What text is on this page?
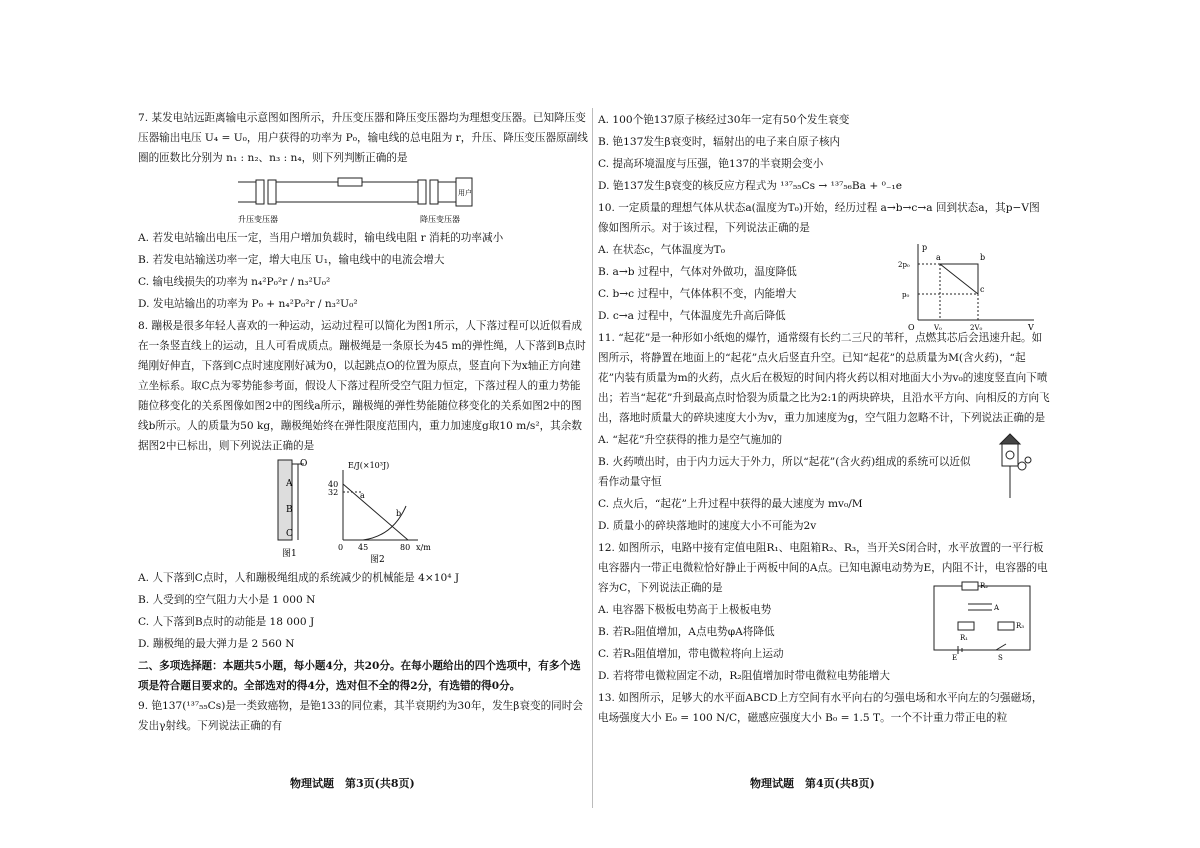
7. 某发电站远距离输电示意图如图所示，升压变压器和降压变压器均为理想变压器。已知降压变压器输出电压 U₄ = U₀，用户获得的功率为 P₀，输电线的总电阻为 r，升压、降压变压器原副线圈的匝数比分别为 n₁ : n₂、n₃ : n₄，则下列判断正确的是

升压变压器	降压变压器
用户

A. 若发电站输出电压一定，当用户增加负载时，输电线电阻 r 消耗的功率减小

B. 若发电站输送功率一定，增大电压 U₁，输电线中的电流会增大

C. 输电线损失的功率为 n₄²P₀²r / n₃²U₀²

D. 发电站输出的功率为 P₀ + n₄²P₀²r / n₃²U₀²

8. 蹦极是很多年轻人喜欢的一种运动，运动过程可以简化为图1所示，人下落过程可以近似看成在一条竖直线上的运动，且人可看成质点。蹦极绳是一条原长为45 m的弹性绳，人下落到B点时绳刚好伸直，下落到C点时速度刚好减为0，以起跳点O的位置为原点，竖直向下为x轴正方向建立坐标系。取C点为零势能参考面，假设人下落过程所受空气阻力恒定，下落过程人的重力势能随位移变化的关系图像如图2中的图线a所示，蹦极绳的弹性势能随位移变化的关系如图2中的图线b所示。人的质量为50 kg，蹦极绳始终在弹性限度范围内，重力加速度g取10 m/s²，其余数据图2中已标出，则下列说法正确的是

O
A
B
C
图1
E/J(×10³J)
40
32
0 45	80 x/m
a
b
图2

A. 人下落到C点时，人和蹦极绳组成的系统减少的机械能是 4×10⁴ J

B. 人受到的空气阻力大小是 1 000 N

C. 人下落到B点时的动能是 18 000 J

D. 蹦极绳的最大弹力是 2 560 N

二、多项选择题：本题共5小题，每小题4分，共20分。在每小题给出的四个选项中，有多个选项是符合题目要求的。全部选对的得4分，选对但不全的得2分，有选错的得0分。

9. 铯137(¹³⁷₅₅Cs)是一类致癌物，是铯133的同位素，其半衰期约为30年，发生β衰变的同时会发出γ射线。下列说法正确的有

物理试题　第3页(共8页)

A. 100个铯137原子核经过30年一定有50个发生衰变

B. 铯137发生β衰变时，辐射出的电子来自原子核内

C. 提高环境温度与压强，铯137的半衰期会变小

D. 铯137发生β衰变的核反应方程式为 ¹³⁷₅₅Cs → ¹³⁷₅₆Ba + ⁰₋₁e

10. 一定质量的理想气体从状态a(温度为T₀)开始，经历过程 a→b→c→a 回到状态a，其p−V图像如图所示。对于该过程，下列说法正确的是

A. 在状态c，气体温度为T₀

B. a→b 过程中，气体对外做功，温度降低

C. b→c 过程中，气体体积不变，内能增大

D. c→a 过程中，气体温度先升高后降低

p
V
O
2p₀
p₀
V₀	2V₀
a	b
c

11. “起花”是一种形如小纸炮的爆竹，通常缀有长约二三尺的苇秆，点燃其芯后会迅速升起。如图所示，将静置在地面上的“起花”点火后竖直升空。已知“起花”的总质量为M(含火药)，“起花”内装有质量为m的火药，点火后在极短的时间内将火药以相对地面大小为v₀的速度竖直向下喷出；若当“起花”升到最高点时恰裂为质量之比为2:1的两块碎块，且沿水平方向、向相反的方向飞出，落地时质量大的碎块速度大小为v，重力加速度为g，空气阻力忽略不计，下列说法正确的是

A. “起花”升空获得的推力是空气施加的

B. 火药喷出时，由于内力远大于外力，所以“起花”(含火药)组成的系统可以近似看作动量守恒

C. 点火后，“起花”上升过程中获得的最大速度为 mv₀/M

D. 质量小的碎块落地时的速度大小不可能为2v

12. 如图所示，电路中接有定值电阻R₁、电阻箱R₂、R₃，当开关S闭合时，水平放置的一平行板电容器内一带正电微粒恰好静止于两板中间的A点。已知电源电动势为E，内阻不计，电容器的电容为C，下列说法正确的是

A. 电容器下极板电势高于上极板电势

B. 若R₂阻值增加，A点电势φA将降低

C. 若R₃阻值增加，带电微粒将向上运动

D. 若将带电微粒固定不动，R₂阻值增加时带电微粒电势能增大

R₂
A
R₁
R₃
E	S

13. 如图所示，足够大的水平面ABCD上方空间有水平向右的匀强电场和水平向左的匀强磁场，电场强度大小 E₀ = 100 N/C，磁感应强度大小 B₀ = 1.5 T。一个不计重力带正电的粒

物理试题　第4页(共8页)
